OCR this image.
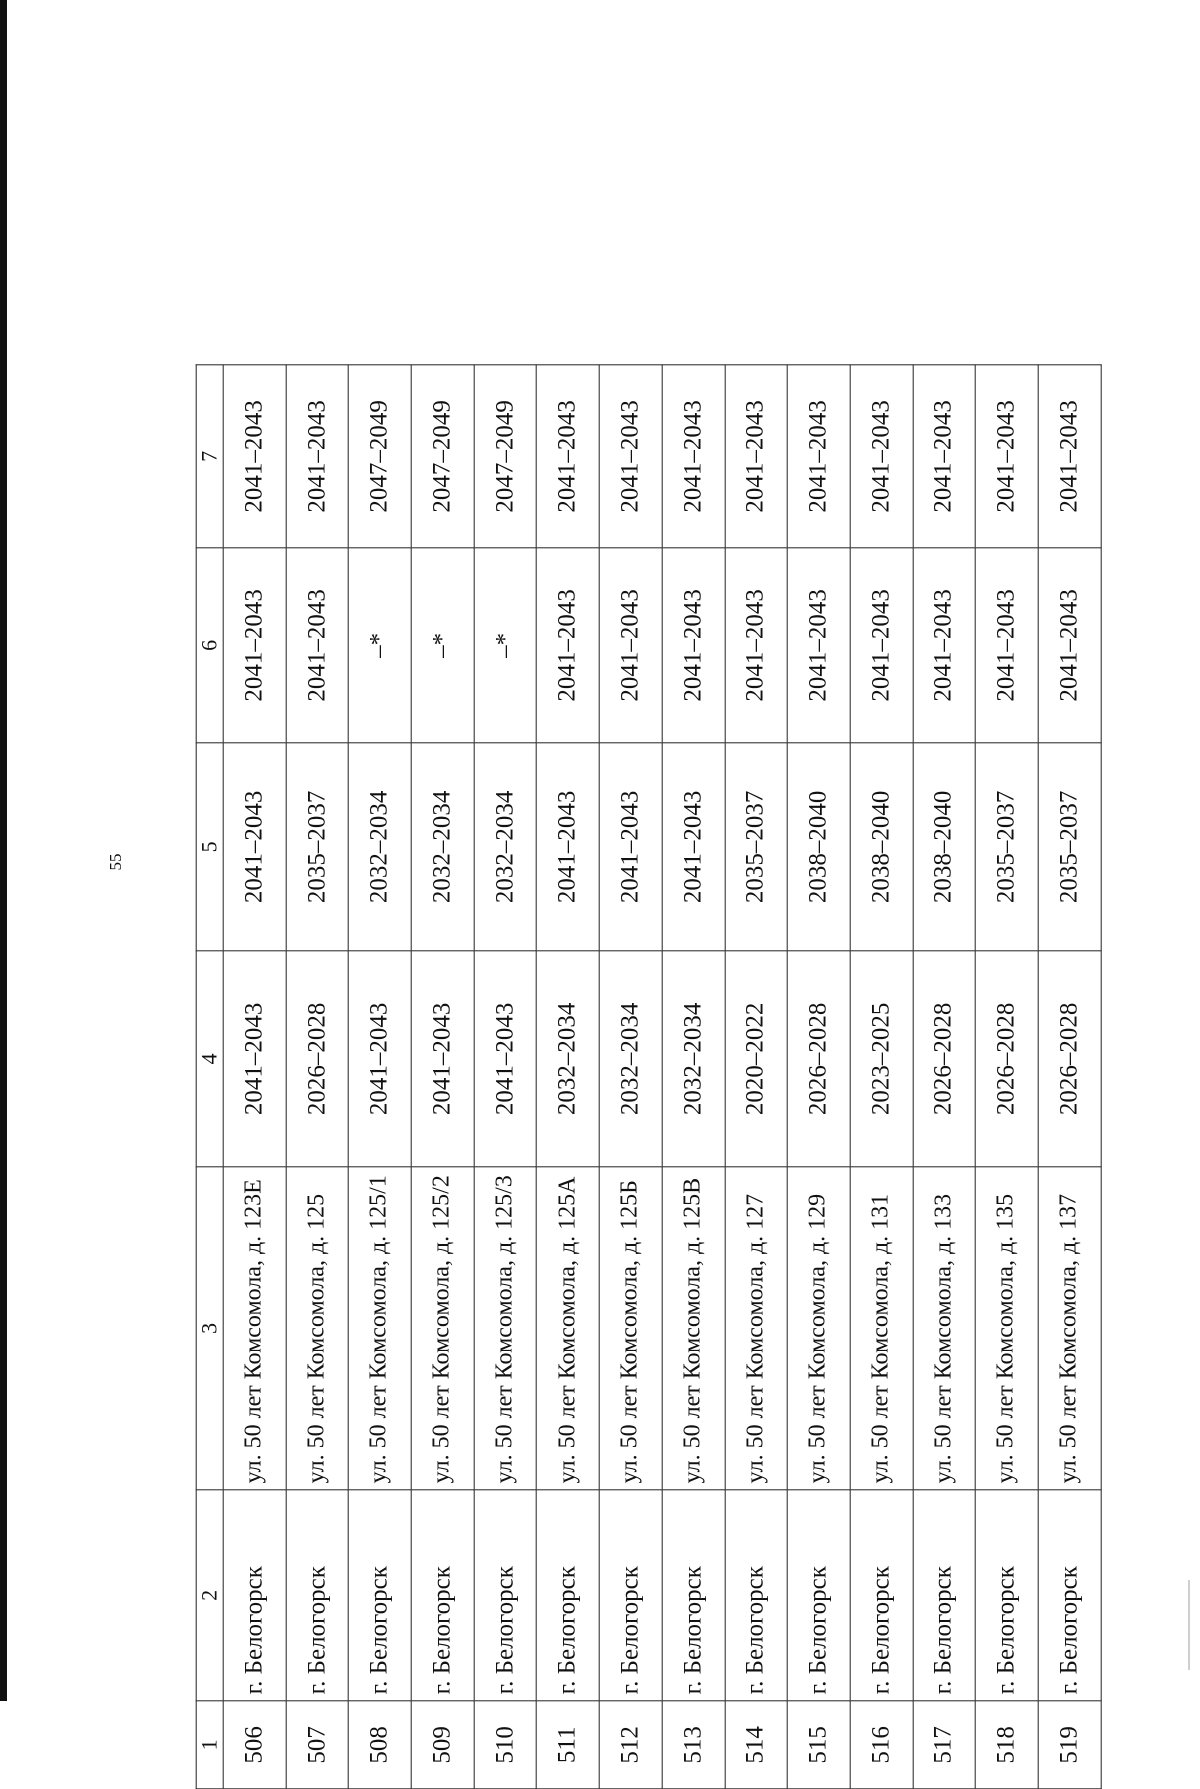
55
1	2	3	4	5	6	7
506	г. Белогорск	ул. 50 лет Комсомола, д. 123Е	2041–2043	2041–2043	2041–2043	2041–2043
507	г. Белогорск	ул. 50 лет Комсомола, д. 125	2026–2028	2035–2037	2041–2043	2041–2043
508	г. Белогорск	ул. 50 лет Комсомола, д. 125/1	2041–2043	2032–2034	–*	2047–2049
509	г. Белогорск	ул. 50 лет Комсомола, д. 125/2	2041–2043	2032–2034	–*	2047–2049
510	г. Белогорск	ул. 50 лет Комсомола, д. 125/3	2041–2043	2032–2034	–*	2047–2049
511	г. Белогорск	ул. 50 лет Комсомола, д. 125А	2032–2034	2041–2043	2041–2043	2041–2043
512	г. Белогорск	ул. 50 лет Комсомола, д. 125Б	2032–2034	2041–2043	2041–2043	2041–2043
513	г. Белогорск	ул. 50 лет Комсомола, д. 125В	2032–2034	2041–2043	2041–2043	2041–2043
514	г. Белогорск	ул. 50 лет Комсомола, д. 127	2020–2022	2035–2037	2041–2043	2041–2043
515	г. Белогорск	ул. 50 лет Комсомола, д. 129	2026–2028	2038–2040	2041–2043	2041–2043
516	г. Белогорск	ул. 50 лет Комсомола, д. 131	2023–2025	2038–2040	2041–2043	2041–2043
517	г. Белогорск	ул. 50 лет Комсомола, д. 133	2026–2028	2038–2040	2041–2043	2041–2043
518	г. Белогорск	ул. 50 лет Комсомола, д. 135	2026–2028	2035–2037	2041–2043	2041–2043
519	г. Белогорск	ул. 50 лет Комсомола, д. 137	2026–2028	2035–2037	2041–2043	2041–2043
